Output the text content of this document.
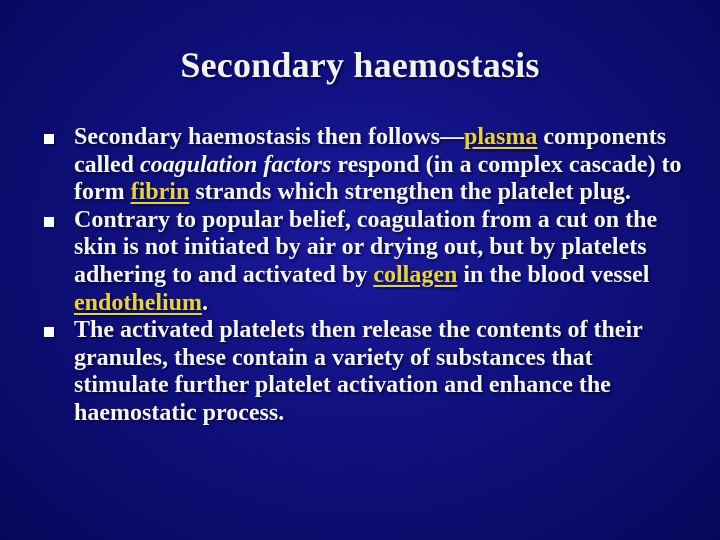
Secondary haemostasis
Secondary haemostasis then follows—plasma components called coagulation factors respond (in a complex cascade) to form fibrin strands which strengthen the platelet plug.
Contrary to popular belief, coagulation from a cut on the skin is not initiated by air or drying out, but by platelets adhering to and activated by collagen in the blood vessel endothelium.
The activated platelets then release the contents of their granules, these contain a variety of substances that stimulate further platelet activation and enhance the haemostatic process.
